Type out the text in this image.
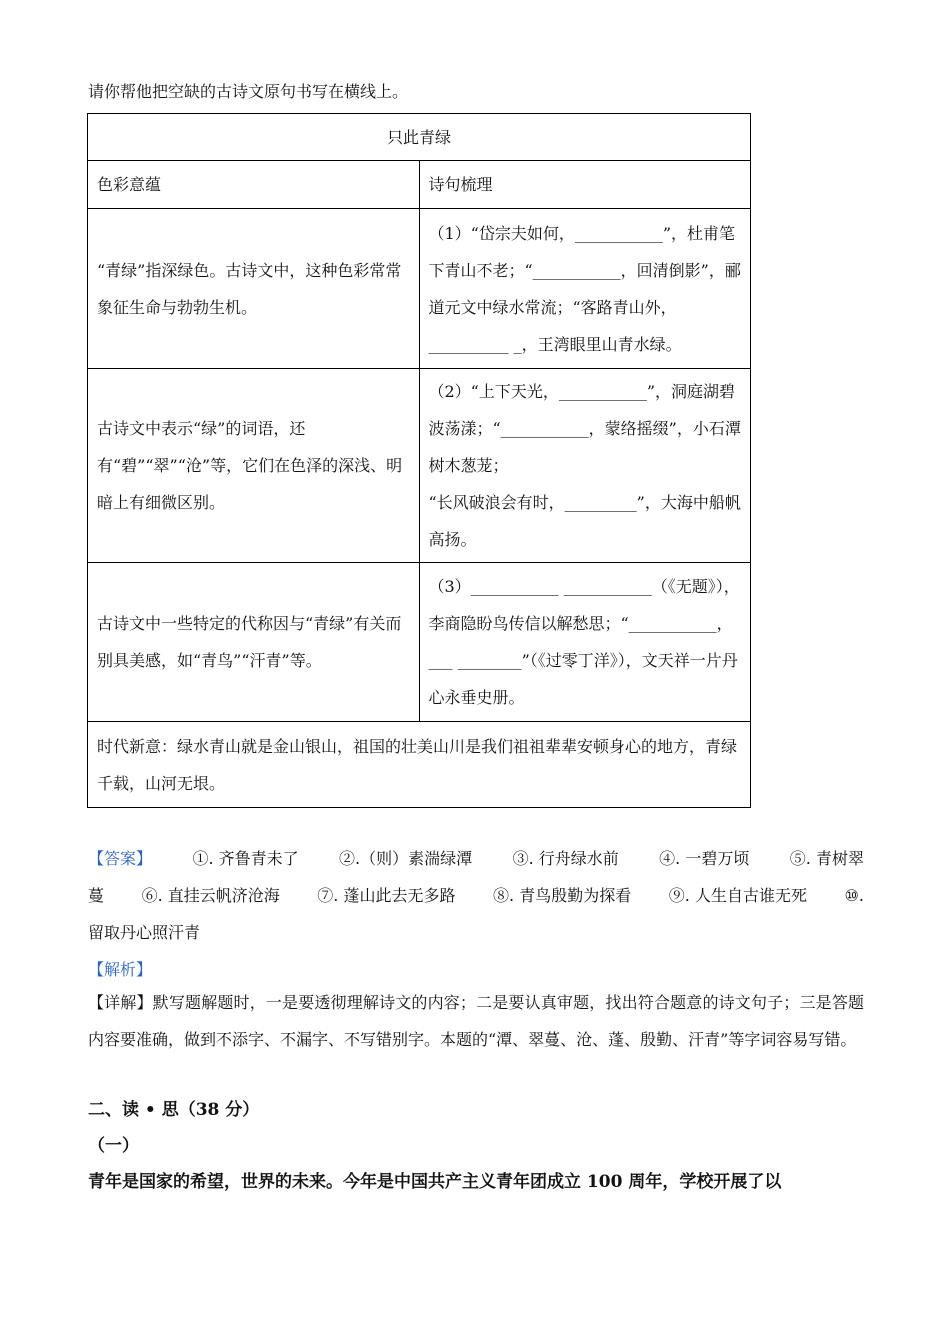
请你帮他把空缺的古诗文原句书写在横线上。
只此青绿	
色彩意蕴	诗句梳理
“青绿”指深绿色。古诗文中，这种色彩常常象征生命与勃勃生机。	（1）“岱宗夫如何，___________”，杜甫笔下青山不老；“___________，回清倒影”，郦道元文中绿水常流；“客路青山外，__________ _，王湾眼里山青水绿。
古诗文中表示“绿”的词语，还有“碧”“翠”“沧”等，它们在色泽的深浅、明暗上有细微区别。	（2）“上下天光，___________”，洞庭湖碧波荡漾；“___________，蒙络摇缀”，小石潭树木葱茏；
“长风破浪会有时，_________”，大海中船帆高扬。
古诗文中一些特定的代称因与“青绿”有关而别具美感，如“青鸟”“汗青”等。	（3）___________ ___________（《无题》），李商隐盼鸟传信以解愁思；“___________，___ ________”（《过零丁洋》），文天祥一片丹心永垂史册。
时代新意：绿水青山就是金山银山，祖国的壮美山川是我们祖祖辈辈安顿身心的地方，青绿千载，山河无垠。	
【答案】	①. 齐鲁青未了	②.（则）素湍绿潭	③. 行舟绿水前	④. 一碧万顷	⑤. 青树翠
蔓 ⑥. 直挂云帆济沧海 ⑦. 蓬山此去无多路 ⑧. 青鸟殷勤为探看 ⑨. 人生自古谁无死 ⑩.
留取丹心照汗青
【解析】
【详解】默写题解题时，一是要透彻理解诗文的内容；二是要认真审题，找出符合题意的诗文句子；三是答题内容要准确，做到不添字、不漏字、不写错别字。本题的“潭、翠蔓、沧、蓬、殷勤、汗青”等字词容易写错。
二、读 • 思（38 分）
（一）
青年是国家的希望，世界的未来。今年是中国共产主义青年团成立 100 周年，学校开展了以
